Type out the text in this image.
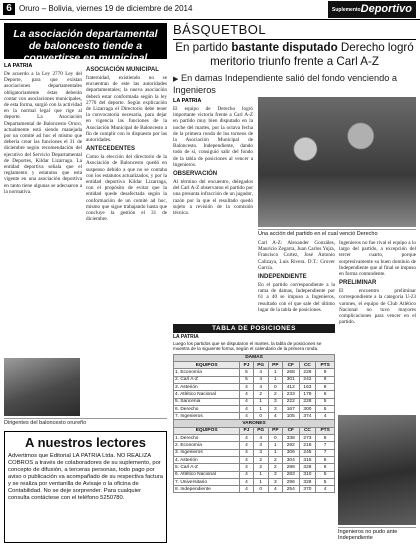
6 Oruro – Bolivia, viernes 19 de diciembre de 2014	Suplemento Deportivo
La asociación departamental de baloncesto tiende a convertirse en municipal
LA PATRIA
De acuerdo a la Ley 2770 Ley del Deporte, para que existan asociaciones departamentales obligatoriamente éstas deberán contar con asociaciones municipales, de esta forma, surgió con la actividad en la normal legal que rige al deporte. La Asociación Departamental de Baloncesto Oruro, actualmente está siendo manejada por un comité ad hoc el mismo que debería crear las funciones el 31 de diciembre según recomendación del ejecutivo del Servicio Departamental de Deportes, Kildar Lizarraga. La entidad deportiva señala que el reglamento y estatutos que está vigente en una asociación deportiva en tanto tiene algunas se adecuaron a la normativa.
ASOCIACIÓN MUNICIPAL
fraternidad, existiendo no se encuentran de este las autoridades departamentales; la nueva asociación deberá estar conformada según la ley 2770 del deporte. Según explicación de Lizarraga el Directorio debe tener la convocatoria necesaria, para dejar en vigencia las funciones de la Asociación Municipal de Baloncesto a fin de cumplir con lo dispuesto por las autoridades.
ANTECEDENTES
Como la elección del directorio de la Asociación de Baloncesto quedó en suspenso debido a que no se contaba con los estatutos actualizados, y por la entidad deportiva Kildar Lizarraga, con el propósito de evitar que la entidad quede desafectada según la conformación de un comité ad hoc, mismo que sigue trabajando hasta que concluye la gestión el 31 de diciembre.
Dirigentes del baloncesto orureño
A nuestros lectores

Advertimos que Editorial LA PATRIA Ltda. NO REALIZA COBROS a través de colaboradores de su suplemento, por concepto de difusión, a terceras personas, todo pago por aviso o publicación va acompañado de su respectiva factura y se realiza por ventanilla de Avisaje o la oficina de Contabilidad. No se deje sorprender. Para cualquier consulta contáctese con el teléfono 5250780.

BÁSQUETBOL
En partido bastante disputado Derecho logró meritorio triunfo frente a Carl A-Z
▶ En damas Independiente salió del fondo venciendo a Ingenieros
LA PATRIA
El equipo de Derecho logró importante victoria frente a Carl A-Z en partido muy bien disputado en la noche del martes, por la octava fecha de la primera ronda de los torneos de la Asociación Municipal de Baloncesto. Independiente, dando todo de sí, consiguió salir del fondo de la tabla de posiciones al vencer a Ingenieros.
OBSERVACIÓN
Al término del encuentro, delegados del Carl A-Z observaron el partido por una presunta infracción de un jugador, razón por la que el resultado quedó sujeto a revisión de la comisión técnica.
Una acción del partido en el cual venció Derecho
Carl A-Z: Alexander Gonzáles, Mauricio Zegarra, Juan Carlos Yujra, Francisco Cortez, José Antonio Calizaya, Luis Rivera. D.T.: Grover García.
INDEPENDIENTE
En el partido correspondiente a la rama de damas, Independiente por 61 a 40 se impuso a Ingenieros, resultado con el que sale del último lugar de la tabla de posiciones.
Ingenieros no fue rival el equipo a lo largo del partido, a excepción del tercer cuarto, porque sorpresivamente su buen dominio de Independiente que al final se impuso en forma contundente.
PRELIMINAR
El encuentro preliminar correspondiente a la categoría U-23 varones, el equipo de Club Atlético Nacional no tuvo mayores complicaciones para vencer en el partido.
Ingenieros no pudo ante Independiente
TABLA DE POSICIONES
LA PATRIA
Luego los partidos que se disputaron el martes, la tabla de posiciones se muestra de la siguiente forma, según el calendario de la primera ronda.
DAMAS						
EQUIPOS	PJ	PG	PP	CF	CC	PTS
1. Economía	5	4	1	268	226	9
2. Carl A-Z	5	4	1	301	242	9
3. Asterión	4	4	0	412	163	8
4. Atlético Nacional	4	2	2	233	179	6
5. Sancenia	4	1	3	222	228	5
6. Derecho	4	1	3	167	300	5
7. Ingenieros	4	0	4	105	374	4
VARONES						
EQUIPOS	PJ	PG	PP	CF	CC	PTS
1. Derecho	4	4	0	338	273	8
2. Economía	4	3	1	292	218	7
3. Ingenieros	4	3	1	306	245	7
4. Asterión	4	2	2	304	315	6
5. Carl A-Z	4	2	2	288	328	6
6. Atlético Nacional	4	1	3	283	310	5
7. Universitario	4	1	3	296	328	5
8. Independiente	4	0	4	254	370	4
